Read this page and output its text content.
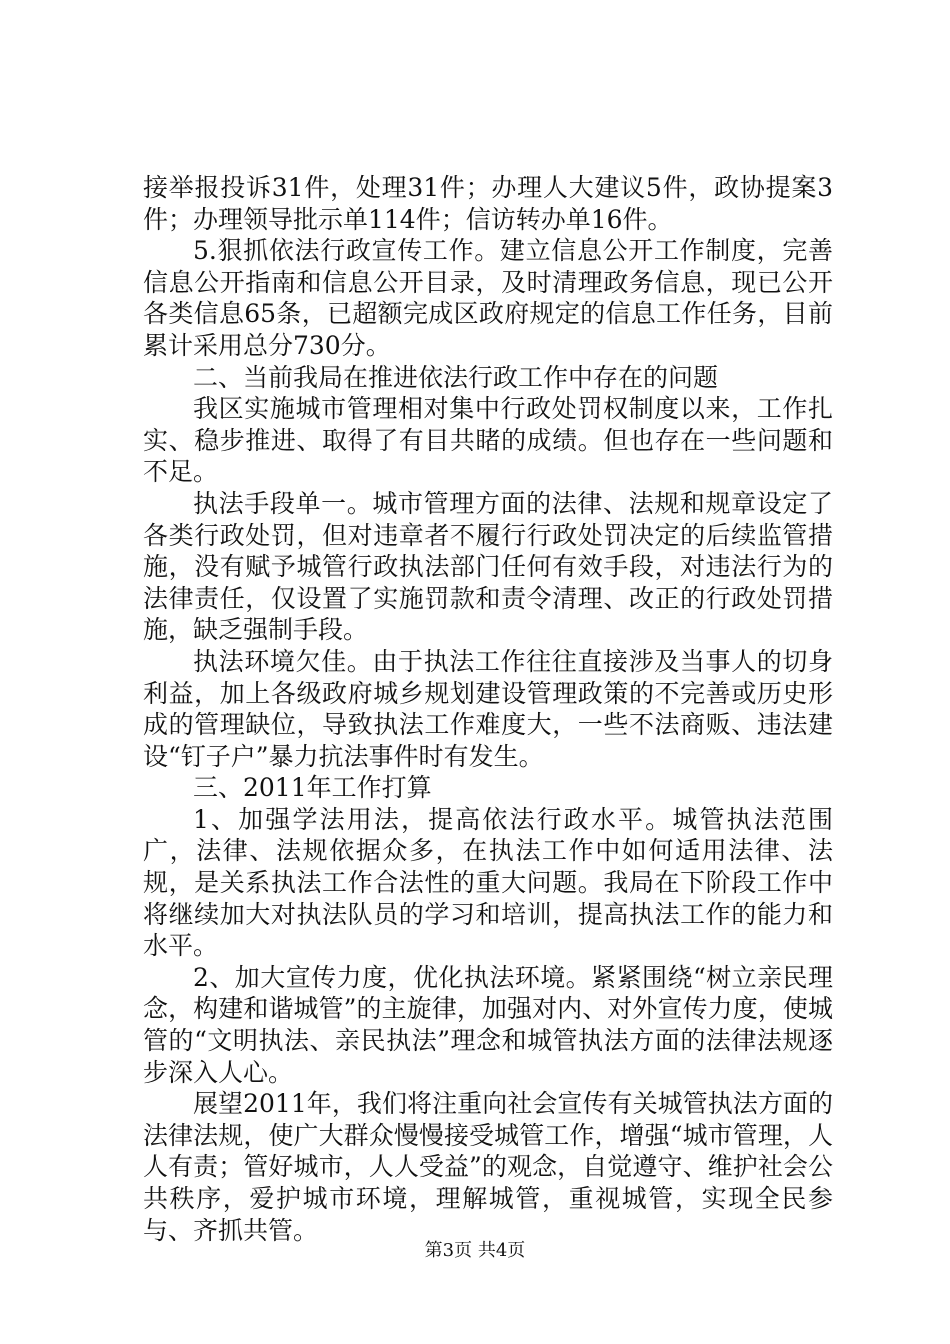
接举报投诉31件，处理31件；办理人大建议5件，政协提案3件；办理领导批示单114件；信访转办单16件。

5.狠抓依法行政宣传工作。建立信息公开工作制度，完善信息公开指南和信息公开目录，及时清理政务信息，现已公开各类信息65条，已超额完成区政府规定的信息工作任务，目前累计采用总分730分。

二、当前我局在推进依法行政工作中存在的问题

我区实施城市管理相对集中行政处罚权制度以来，工作扎实、稳步推进、取得了有目共睹的成绩。但也存在一些问题和不足。

执法手段单一。城市管理方面的法律、法规和规章设定了各类行政处罚，但对违章者不履行行政处罚决定的后续监管措施，没有赋予城管行政执法部门任何有效手段，对违法行为的法律责任，仅设置了实施罚款和责令清理、改正的行政处罚措施，缺乏强制手段。

执法环境欠佳。由于执法工作往往直接涉及当事人的切身利益，加上各级政府城乡规划建设管理政策的不完善或历史形成的管理缺位，导致执法工作难度大，一些不法商贩、违法建设“钉子户”暴力抗法事件时有发生。

三、2011年工作打算

1、加强学法用法，提高依法行政水平。城管执法范围广，法律、法规依据众多，在执法工作中如何适用法律、法规，是关系执法工作合法性的重大问题。我局在下阶段工作中将继续加大对执法队员的学习和培训，提高执法工作的能力和水平。

2、加大宣传力度，优化执法环境。紧紧围绕“树立亲民理念，构建和谐城管”的主旋律，加强对内、对外宣传力度，使城管的“文明执法、亲民执法”理念和城管执法方面的法律法规逐步深入人心。

展望2011年，我们将注重向社会宣传有关城管执法方面的法律法规，使广大群众慢慢接受城管工作，增强“城市管理，人人有责；管好城市，人人受益”的观念，自觉遵守、维护社会公共秩序，爱护城市环境，理解城管，重视城管，实现全民参与、齐抓共管。

第3页 共4页
